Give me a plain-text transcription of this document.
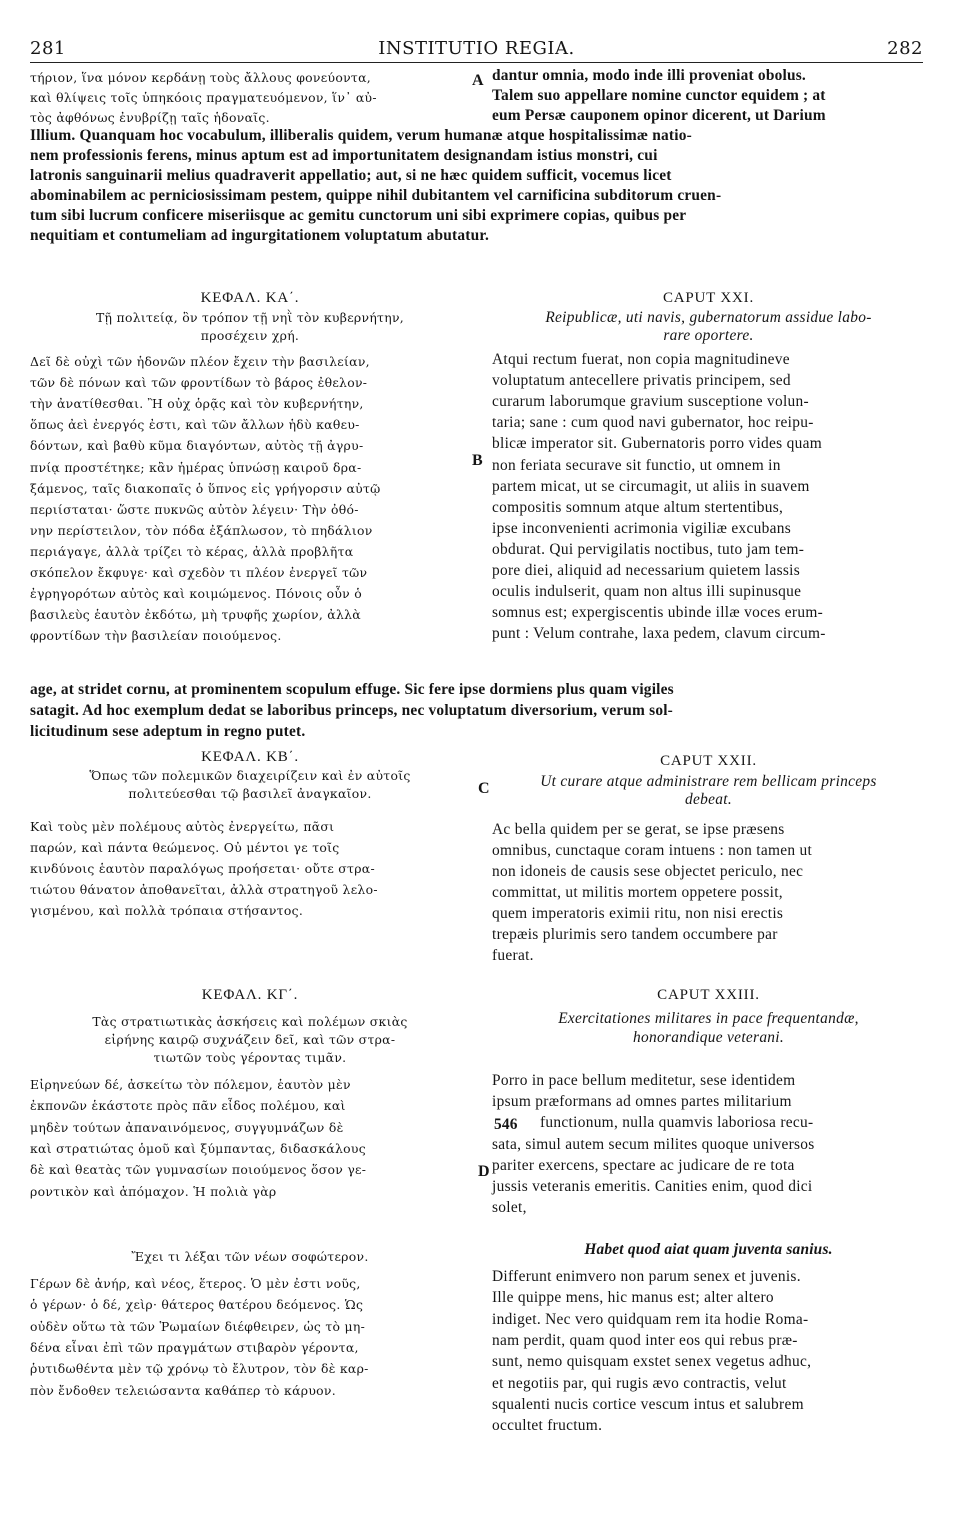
281	INSTITUTIO REGIA.	282

τήριον, ἵνα μόνον κερδάνῃ τοὺς ἄλλους φονεύοντα,

καὶ θλίψεις τοῖς ὑπηκόοις πραγματευόμενον, ἵν᾽ αὐ-

τὸς ἀφθόνως ἐνυβρίζῃ ταῖς ἡδοναῖς.

dantur omnia, modo inde illi proveniat obolus.

Talem suo appellare nomine cunctor equidem ; at

eum Persæ cauponem opinor dicerent, ut Darium

Illium. Quanquam hoc vocabulum, illiberalis quidem, verum humanæ atque hospitalissimæ natio-

nem professionis ferens, minus aptum est ad importunitatem designandam istius monstri, cui

latronis sanguinarii melius quadraverit appellatio; aut, si ne hæc quidem sufficit, vocemus licet

abominabilem ac perniciosissimam pestem, quippe nihil dubitantem vel carnificina subditorum cruen-

tum sibi lucrum conficere miseriisque ac gemitu cunctorum uni sibi exprimere copias, quibus per

nequitiam et contumeliam ad ingurgitationem voluptatum abutatur.

ΚΕΦΑΛ. ΚΑ΄.	CAPUT XXI.

Τῇ πολιτείᾳ, ὃν τρόπον τῇ νηῒ τὸν κυβερνήτην,

προσέχειν χρή.

Reipublicæ, uti navis, gubernatorum assidue labo-

rare oportere.

Δεῖ δὲ οὐχὶ τῶν ἡδονῶν πλέον ἔχειν τὴν βασιλείαν,

τῶν δὲ πόνων καὶ τῶν φροντίδων τὸ βάρος ἐθελον-

τὴν ἀνατίθεσθαι. Ἢ οὐχ ὁρᾷς καὶ τὸν κυβερνήτην,

ὅπως ἀεὶ ἐνεργός ἐστι, καὶ τῶν ἄλλων ἡδὺ καθευ-

δόντων, καὶ βαθὺ κῦμα διαγόντων, αὐτὸς τῇ ἀγρυ-

πνίᾳ προστέτηκε; κἂν ἡμέρας ὑπνώσῃ καιροῦ δρα-

ξάμενος, ταῖς διακοπαῖς ὁ ὕπνος εἰς γρήγορσιν αὐτῷ

περιίσταται· ὥστε πυκνῶς αὐτὸν λέγειν· Τὴν ὀθό-

νην περίστειλον, τὸν πόδα ἐξάπλωσον, τὸ πηδάλιον

περιάγαγε, ἀλλὰ τρίζει τὸ κέρας, ἀλλὰ προβλῆτα

σκόπελον ἔκφυγε· καὶ σχεδὸν τι πλέον ἐνεργεῖ τῶν

ἐγρηγορότων αὐτὸς καὶ κοιμώμενος. Πόνοις οὖν ὁ

βασιλεὺς ἑαυτὸν ἐκδότω, μὴ τρυφῆς χωρίον, ἀλλὰ

φροντίδων τὴν βασιλείαν ποιούμενος.

Atqui rectum fuerat, non copia magnitudineve

voluptatum antecellere privatis principem, sed

curarum laborumque gravium susceptione volun-

taria; sane : cum quod navi gubernator, hoc reipu-

blicæ imperator sit. Gubernatoris porro vides quam

non feriata securave sit functio, ut omnem in

partem micat, ut se circumagit, ut aliis in suavem

compositis somnum atque altum stertentibus,

ipse inconvenienti acrimonia vigiliæ excubans

obdurat. Qui pervigilatis noctibus, tuto jam tem-

pore diei, aliquid ad necessarium quietem lassis

oculis indulserit, quam non altus illi supinusque

somnus est; expergiscentis ubinde illæ voces erum-

punt : Velum contrahe, laxa pedem, clavum circum-

age, at stridet cornu, at prominentem scopulum effuge. Sic fere ipse dormiens plus quam vigiles

satagit. Ad hoc exemplum dedat se laboribus princeps, nec voluptatum diversorium, verum sol-

licitudinum sese adeptum in regno putet.

ΚΕΦΑΛ. ΚΒ΄.	CAPUT XXII.

Ὅπως τῶν πολεμικῶν διαχειρίζειν καὶ ἐν αὐτοῖς

πολιτεύεσθαι τῷ βασιλεῖ ἀναγκαῖον.

Ut curare atque administrare rem bellicam princeps

debeat.

Καὶ τοὺς μὲν πολέμους αὐτὸς ἐνεργείτω, πᾶσι

παρών, καὶ πάντα θεώμενος. Οὐ μέντοι γε τοῖς

κινδύνοις ἑαυτὸν παραλόγως προήσεται· οὔτε στρα-

τιώτου θάνατον ἀποθανεῖται, ἀλλὰ στρατηγοῦ λελο-

γισμένου, καὶ πολλὰ τρόπαια στήσαντος.

Ac bella quidem per se gerat, se ipse præsens

omnibus, cunctaque coram intuens : non tamen ut

non idoneis de causis sese objectet periculo, nec

committat, ut militis mortem oppetere possit,

quem imperatoris eximii ritu, non nisi erectis

trepæis plurimis sero tandem occumbere par

fuerat.

ΚΕΦΑΛ. ΚΓ΄.	CAPUT XXIII.

Τὰς στρατιωτικὰς ἀσκήσεις καὶ πολέμων σκιὰς

εἰρήνης καιρῷ συχνάζειν δεῖ, καὶ τῶν στρα-

τιωτῶν τοὺς γέροντας τιμᾶν.

Exercitationes militares in pace frequentandæ,

honorandique veterani.

Εἰρηνεύων δέ, ἀσκείτω τὸν πόλεμον, ἑαυτὸν μὲν

ἐκπονῶν ἑκάστοτε πρὸς πᾶν εἶδος πολέμου, καὶ

μηδὲν τούτων ἀπαναινόμενος, συγγυμνάζων δὲ

καὶ στρατιώτας ὁμοῦ καὶ ξύμπαντας, διδασκάλους

δὲ καὶ θεατὰς τῶν γυμνασίων ποιούμενος ὅσον γε-

ροντικὸν καὶ ἀπόμαχον. Ἡ πολιὰ γὰρ

546

Porro in pace bellum meditetur, sese identidem

ipsum præformans ad omnes partes militarium

functionum, nulla quamvis laboriosa recu-

sata, simul autem secum milites quoque universos

pariter exercens, spectare ac judicare de re tota

jussis veteranis emeritis. Canities enim, quod dici

solet,

Ἔχει τι λέξαι τῶν νέων σοφώτερον.	Habet quod aiat quam juventa sanius.

Γέρων δὲ ἀνήρ, καὶ νέος, ἕτερος. Ὁ μὲν ἐστι νοῦς,

ὁ γέρων· ὁ δέ, χεὶρ· θάτερος θατέρου δεόμενος. Ὡς

οὐδὲν οὕτω τὰ τῶν Ῥωμαίων διέφθειρεν, ὡς τὸ μη-

δένα εἶναι ἐπὶ τῶν πραγμάτων στιβαρὸν γέροντα,

ῥυτιδωθέντα μὲν τῷ χρόνῳ τὸ ἔλυτρον, τὸν δὲ καρ-

πὸν ἔνδοθεν τελειώσαντα καθάπερ τὸ κάρυον.

Differunt enimvero non parum senex et juvenis.

Ille quippe mens, hic manus est; alter altero

indiget. Nec vero quidquam rem ita hodie Roma-

nam perdit, quam quod inter eos qui rebus præ-

sunt, nemo quisquam exstet senex vegetus adhuc,

et negotiis par, qui rugis ævo contractis, velut

squalenti nucis cortice vescum intus et salubrem

occultet fructum.

A
B
C
D
